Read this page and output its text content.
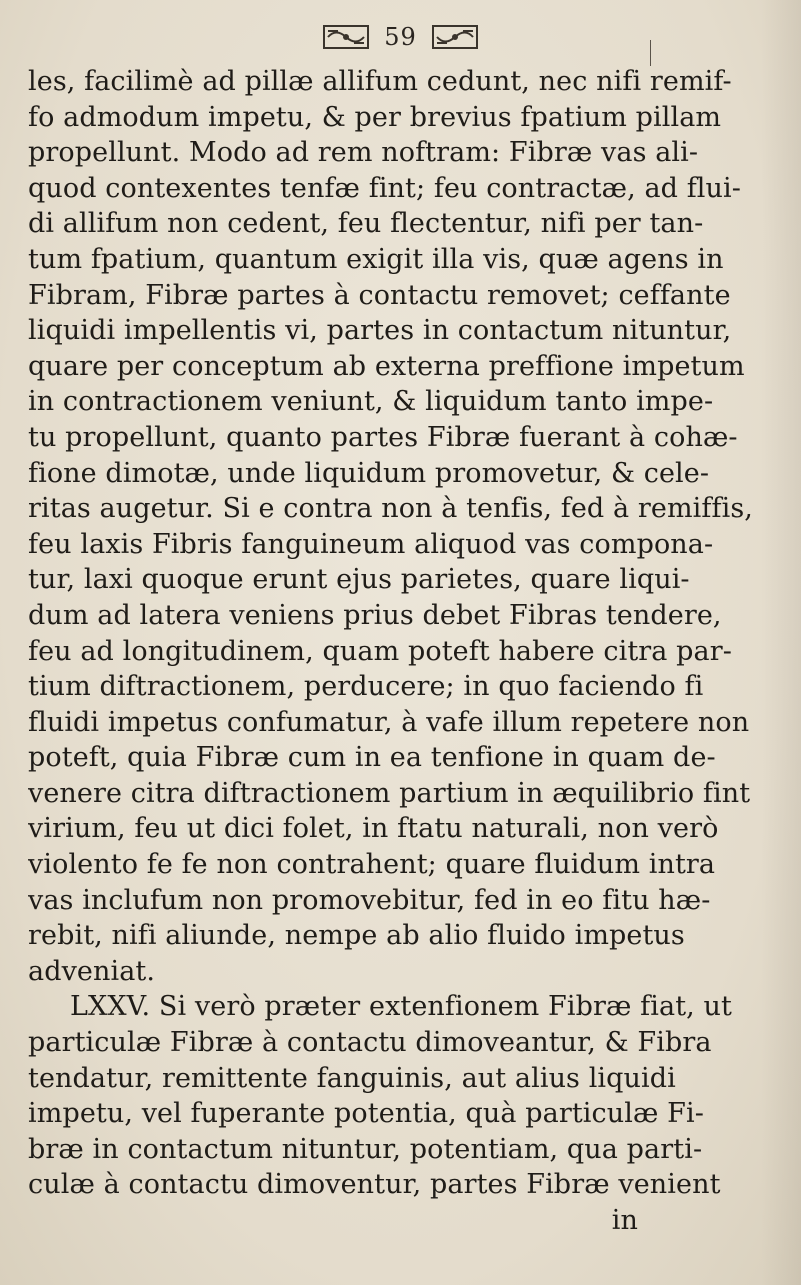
59
les, facilimè ad pillæ allifum cedunt, nec nifi remif-
fo admodum impetu, & per brevius fpatium pillam
propellunt. Modo ad rem noftram: Fibræ vas ali-
quod contexentes tenfæ fint; feu contractæ, ad flui-
di allifum non cedent, feu flectentur, nifi per tan-
tum fpatium, quantum exigit illa vis, quæ agens in
Fibram, Fibræ partes à contactu removet; ceffante
liquidi impellentis vi, partes in contactum nituntur,
quare per conceptum ab externa preffione impetum
in contractionem veniunt, & liquidum tanto impe-
tu propellunt, quanto partes Fibræ fuerant à cohæ-
fione dimotæ, unde liquidum promovetur, & cele-
ritas augetur. Si e contra non à tenfis, fed à remiffis,
feu laxis Fibris fanguineum aliquod vas compona-
tur, laxi quoque erunt ejus parietes, quare liqui-
dum ad latera veniens prius debet Fibras tendere,
feu ad longitudinem, quam poteft habere citra par-
tium diftractionem, perducere; in quo faciendo fi
fluidi impetus confumatur, à vafe illum repetere non
poteft, quia Fibræ cum in ea tenfione in quam de-
venere citra diftractionem partium in æquilibrio fint
virium, feu ut dici folet, in ftatu naturali, non verò
violento fe fe non contrahent; quare fluidum intra
vas inclufum non promovebitur, fed in eo fitu hæ-
rebit, nifi aliunde, nempe ab alio fluido impetus
adveniat.
LXXV. Si verò præter extenfionem Fibræ fiat, ut
particulæ Fibræ à contactu dimoveantur, & Fibra
tendatur, remittente fanguinis, aut alius liquidi
impetu, vel fuperante potentia, quà particulæ Fi-
bræ in contactum nituntur, potentiam, qua parti-
culæ à contactu dimoventur, partes Fibræ venient
in
